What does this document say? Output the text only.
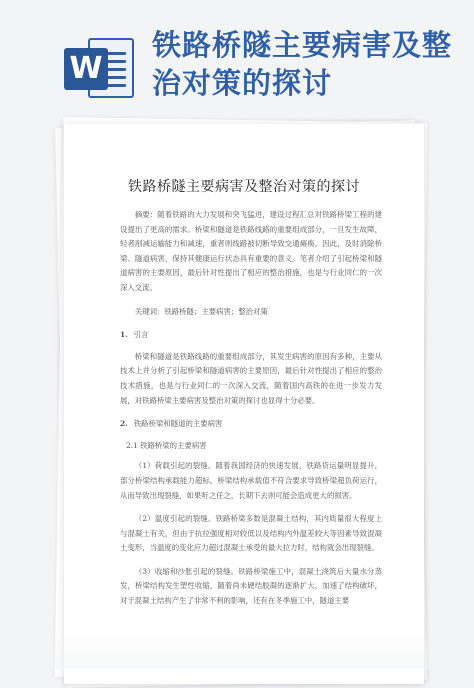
W
铁路桥隧主要病害及整治对策的探讨
铁路桥隧主要病害及整治对策的探讨

摘要：随着铁路的大力发展和突飞猛进，建设过程汇总对铁路桥梁工程的建设提出了更高的需求。桥梁和隧道是铁路线路的重要组成部分，一旦发生故障，轻者削减运输能力和减速，重者则线路被切断导致交通瘫痪。因此，及时消除桥梁、隧道病害，保持其健康运行状态具有重要的意义。笔者介绍了引起桥梁和隧道病害的主要原因，最后针对性提出了相应的整治措施，也是与行业同仁的一次深入交流。

关键词：铁路桥隧；主要病害；整治对策

1. 引言

桥梁和隧道是铁路线路的重要组成部分，其发生病害的原因有多种，主要从技术上并分析了引起桥梁和隧道病害的主要原因，最后针对性提出了相应的整治技术措施，也是与行业同仁的一次深入交流，随着国内高铁的在进一步发力发展，对铁路桥梁主要病害及整治对策的探讨也显得十分必要。

2. 铁路桥梁和隧道的主要病害

2.1 铁路桥梁的主要病害

（1）荷载引起的裂缝。随着我国经济的快速发展，铁路货运量明显提升，部分桥梁结构承载能力超标，桥梁结构承载值不符合要求导致桥梁超负荷运行，从而导致出现裂缝，如果听之任之，长期下去则可能会造成更大的损害。

（2）温度引起的裂缝。铁路桥梁多数是混凝土结构，其内质量很大程度上与混凝土有关，但由于抗拉强度相对较低以及结构内外温差较大等因素导致混凝土变形，当温度的变化应力超过混凝土承受的最大拉力时，结构就会出现裂缝。

（3）收缩和沙胀引起的裂缝。铁路桥梁施工中，混凝土浇筑后大量水分蒸发，桥梁结构发生塑性收缩，随着尚未硬结胶凝的逐渐扩大，加速了结构破坏，对于混凝土结构产生了非常不利的影响，还有在冬季施工中，隧道主要
